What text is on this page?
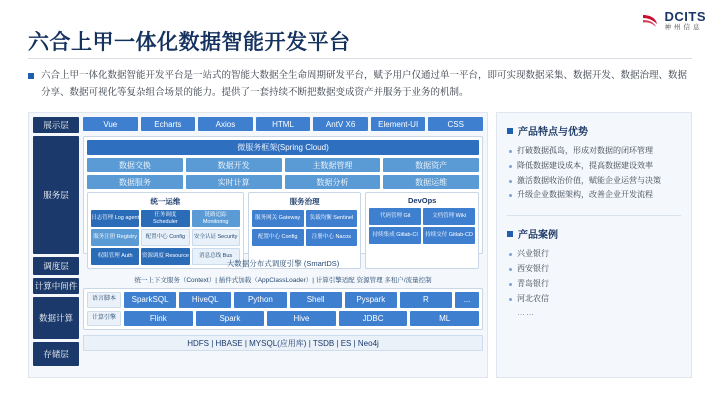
DCITS
神州信息
六合上甲一体化数据智能开发平台
六合上甲一体化数据智能开发平台是一站式的智能大数据全生命周期研发平台，赋予用户仅通过单一平台，即可实现数据采集、数据开发、数据治理、数据分享、数据可视化等复杂组合场景的能力。提供了一套持续不断把数据变成资产并服务于业务的机制。
展示层
服务层
调度层
计算中间件
数据计算
存储层
Vue	Echarts	Axios	HTML	AntV X6	Element-UI	CSS
微服务框架(Spring Cloud)
数据交换	数据开发	主数据管理	数据资产
数据服务	实时计算	数据分析	数据运维
统一运维
日志管理 Log agent
任务调度 Scheduler
链路追踪 Monitoring
服务注册 Registry	配置中心 Config	安全认证 Security
权限管理 Auth	资源调度 Resource	消息总线 Bus
服务治理
服务网关 Gateway	负载均衡 Sentinel
配置中心 Config	注册中心 Nacos
DevOps
代码管理 Git	文档管理 Wiki
持续集成 Gitlab-CI	持续交付 Gitlab-CD
大数据分布式调度引擎 (SmartDS)
统一上下文服务（Context）| 插件式加载（AppClassLoader）| 计算引擎适配 资源管理 多租户/流量控制
语言脚本
计算引擎
SparkSQL	HiveQL	Python	Shell	Pyspark	R	...
Flink	Spark	Hive	JDBC	ML
HDFS | HBASE | MYSQL(应用库) | TSDB | ES | Neo4j
产品特点与优势
打破数据孤岛，形成对数据的闭环管理
降低数据建设成本，提高数据建设效率
激活数据收治价值，赋能企业运营与决策
升级企业数据架构，改善企业开发流程
产品案例
兴业银行
西安银行
青岛银行
河北农信
……
